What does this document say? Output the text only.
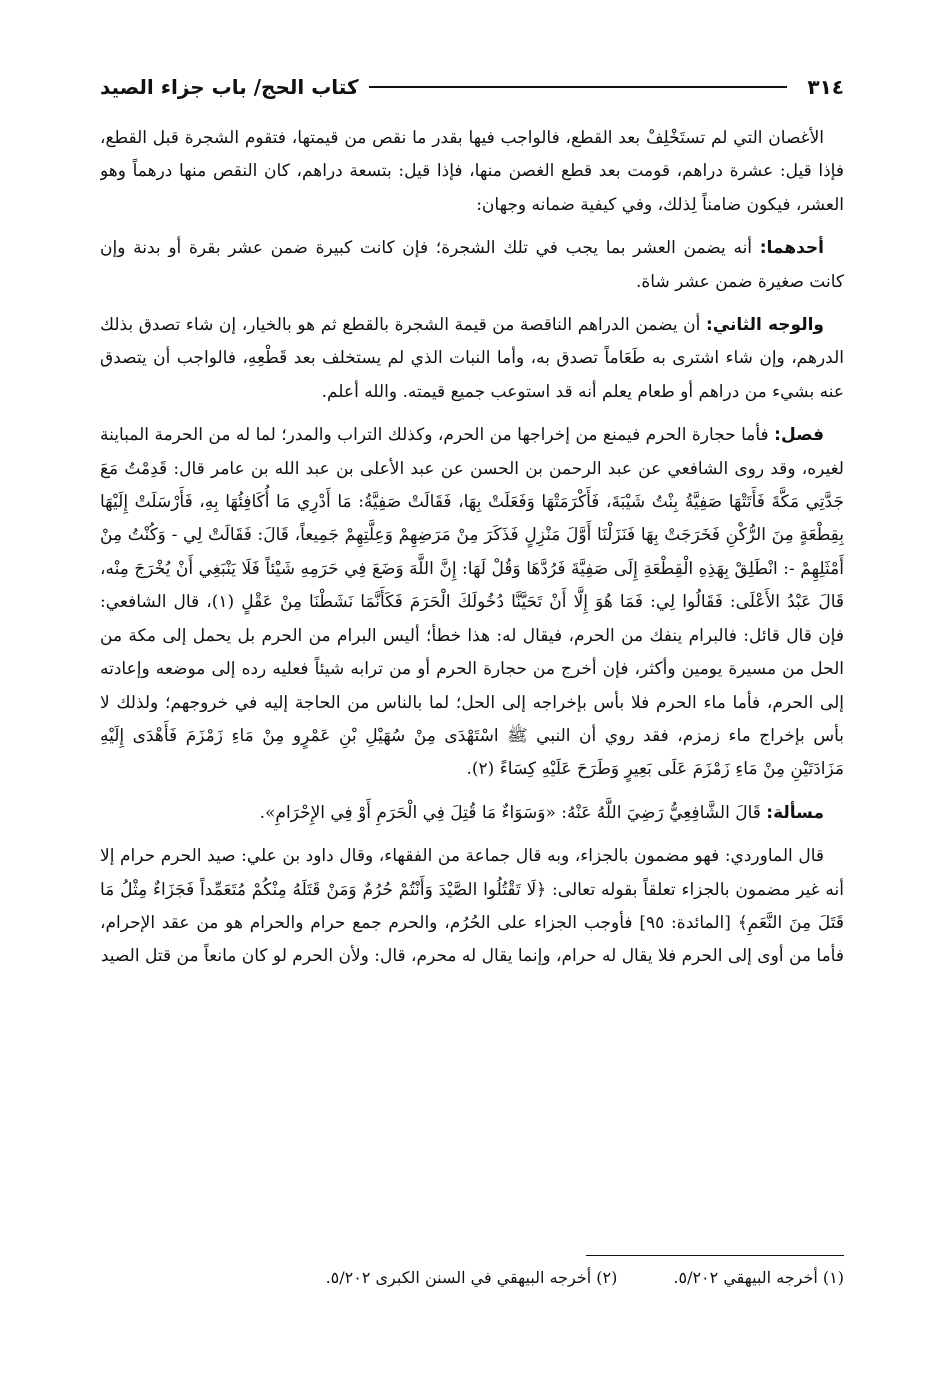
٣١٤
كتاب الحج/ باب جزاء الصيد

الأغصان التي لم تستَخْلِفْ بعد القطع، فالواجب فيها بقدر ما نقص من قيمتها، فتقوم الشجرة قبل القطع، فإذا قيل: عشرة دراهم، قومت بعد قطع الغصن منها، فإذا قيل: بتسعة دراهم، كان النقص منها درهماً وهو العشر، فيكون ضامناً لِذلك، وفي كيفية ضمانه وجهان:

أحدهما: أنه يضمن العشر بما يجب في تلك الشجرة؛ فإن كانت كبيرة ضمن عشر بقرة أو بدنة وإن كانت صغيرة ضمن عشر شاة.

والوجه الثاني: أن يضمن الدراهم الناقصة من قيمة الشجرة بالقطع ثم هو بالخيار، إن شاء تصدق بذلك الدرهم، وإن شاء اشترى به طَعَاماً تصدق به، وأما النبات الذي لم يستخلف بعد قَطْعِهِ، فالواجب أن يتصدق عنه بشيء من دراهم أو طعام يعلم أنه قد استوعب جميع قيمته. والله أعلم.

فصل: فأما حجارة الحرم فيمنع من إخراجها من الحرم، وكذلك التراب والمدر؛ لما له من الحرمة المباينة لغيره، وقد روى الشافعي عن عبد الرحمن بن الحسن عن عبد الأعلى بن عبد الله بن عامر قال: قَدِمْتُ مَعَ جَدَّتِي مَكَّةَ فَأَتَتْهَا صَفِيَّةُ بِنْتُ شَيْبَةَ، فَأَكْرَمَتْهَا وَفَعَلَتْ بِهَا، فَقَالَتْ صَفِيَّةُ: مَا أَدْرِي مَا أُكَافِئُهَا بِهِ، فَأَرْسَلَتْ إِلَيْهَا بِقِطْعَةٍ مِنَ الرُّكْنِ فَخَرَجَتْ بِهَا فَنَزَلْنَا أَوَّلَ مَنْزِلٍ فَذَكَرَ مِنْ مَرَضِهِمْ وَعِلَّتِهِمْ جَمِيعاً، قَالَ: فَقَالَتْ لِي - وَكُنْتُ مِنْ أَمْثَلِهِمْ -: انْطَلِقْ بِهَذِهِ الْقِطْعَةِ إِلَى صَفِيَّةَ فَرُدَّهَا وَقُلْ لَهَا: إِنَّ اللَّهَ وَضَعَ فِي حَرَمِهِ شَيْئاً فَلَا يَنْبَغِي أَنْ يُخْرَجَ مِنْه، قَالَ عَبْدُ الأَعْلَى: فَقَالُوا لِي: فَمَا هُوَ إِلَّا أَنْ تَحَيَّنَّا دُخُولَكَ الْحَرَمَ فَكَأَنَّمَا نَشَطْنَا مِنْ عَقْلٍ (١)، قال الشافعي: فإن قال قائل: فالبرام ينفك من الحرم، فيقال له: هذا خطأ؛ أليس البرام من الحرم بل يحمل إلى مكة من الحل من مسيرة يومين وأكثر، فإن أخرج من حجارة الحرم أو من ترابه شيئاً فعليه رده إلى موضعه وإعادته إلى الحرم، فأما ماء الحرم فلا بأس بإخراجه إلى الحل؛ لما بالناس من الحاجة إليه في خروجهم؛ ولذلك لا بأس بإخراج ماء زمزم، فقد روي أن النبي ﷺ اسْتَهْدَى مِنْ سُهَيْلِ بْنِ عَمْرٍو مِنْ مَاءِ زَمْزَمَ فَأَهْدَى إِلَيْهِ مَزَادَتَيْنِ مِنْ مَاءِ زَمْزَمَ عَلَى بَعِيرٍ وَطَرَحَ عَلَيْهِ كِسَاءً (٢).

مسألة: قَالَ الشَّافِعِيُّ رَضِيَ اللَّهُ عَنْهُ: «وَسَوَاءٌ مَا قُتِلَ فِي الْحَرَمِ أَوْ فِي الإِحْرَامِ».

قال الماوردي: فهو مضمون بالجزاء، وبه قال جماعة من الفقهاء، وقال داود بن علي: صيد الحرم حرام إلا أنه غير مضمون بالجزاء تعلقاً بقوله تعالى: ﴿لَا تَقْتُلُوا الصَّيْدَ وَأَنْتُمْ حُرُمٌ وَمَنْ قَتَلَهُ مِنْكُمْ مُتَعَمِّداً فَجَزَاءٌ مِثْلُ مَا قَتَلَ مِنَ النَّعَمِ﴾ [المائدة: ٩٥] فأوجب الجزاء على الحُرُم، والحرم جمع حرام والحرام هو من عقد الإحرام، فأما من أوى إلى الحرم فلا يقال له حرام، وإنما يقال له محرم، قال: ولأن الحرم لو كان مانعاً من قتل الصيد

(١) أخرجه البيهقي ٥/٢٠٢.
(٢) أخرجه البيهقي في السنن الكبرى ٥/٢٠٢.
